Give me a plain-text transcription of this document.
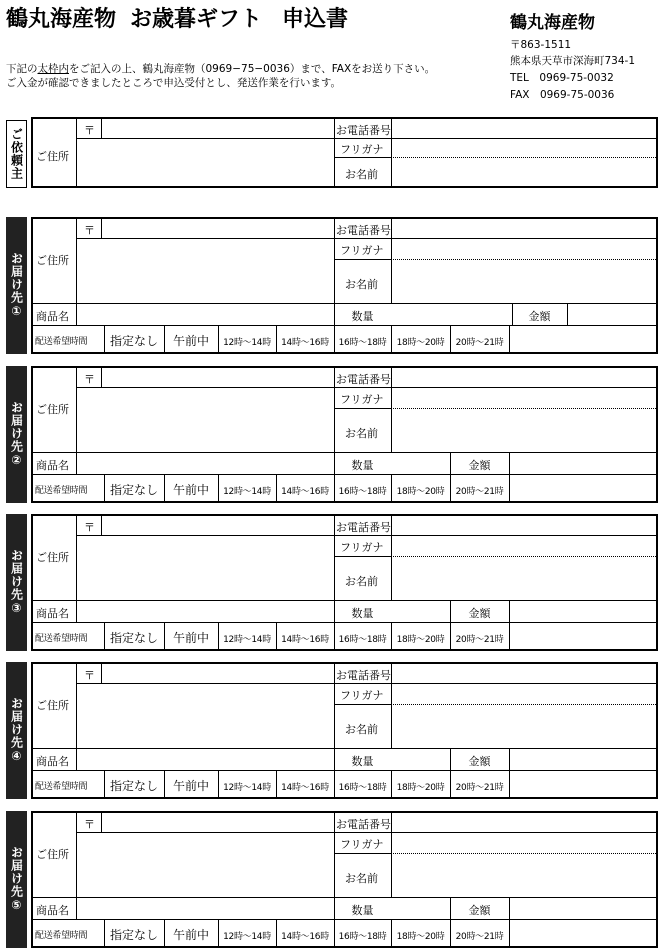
鶴丸海産物 お歳暮ギフト 申込書	鶴丸海産物
〒863-1511
熊本県天草市深海町734-1
TEL　0969-75-0032
FAX　0969-75-0036
下記の太枠内をご記入の上、鶴丸海産物（0969−75−0036）まで、FAXをお送り下さい。
ご入金が確認できましたところで申込受付とし、発送作業を行います。
ご依頼主	〒
ご住所
お電話番号
フリガナ
お名前
お届け先①
〒
ご住所
お電話番号
フリガナ
お名前
商品名	数量	金額
配送希望時間	指定なし	午前中	12時～14時	14時～16時	16時～18時	18時～20時	20時～21時
お届け先②
〒
ご住所
お電話番号
フリガナ
お名前
商品名	数量	金額
配送希望時間	指定なし	午前中	12時～14時	14時～16時	16時～18時	18時～20時	20時～21時
お届け先③
〒
ご住所
お電話番号
フリガナ
お名前
商品名	数量	金額
配送希望時間	指定なし	午前中	12時～14時	14時～16時	16時～18時	18時～20時	20時～21時
お届け先④
〒
ご住所
お電話番号
フリガナ
お名前
商品名	数量	金額
配送希望時間	指定なし	午前中	12時～14時	14時～16時	16時～18時	18時～20時	20時～21時
お届け先⑤
〒
ご住所
お電話番号
フリガナ
お名前
商品名	数量	金額
配送希望時間	指定なし	午前中	12時～14時	14時～16時	16時～18時	18時～20時	20時～21時
